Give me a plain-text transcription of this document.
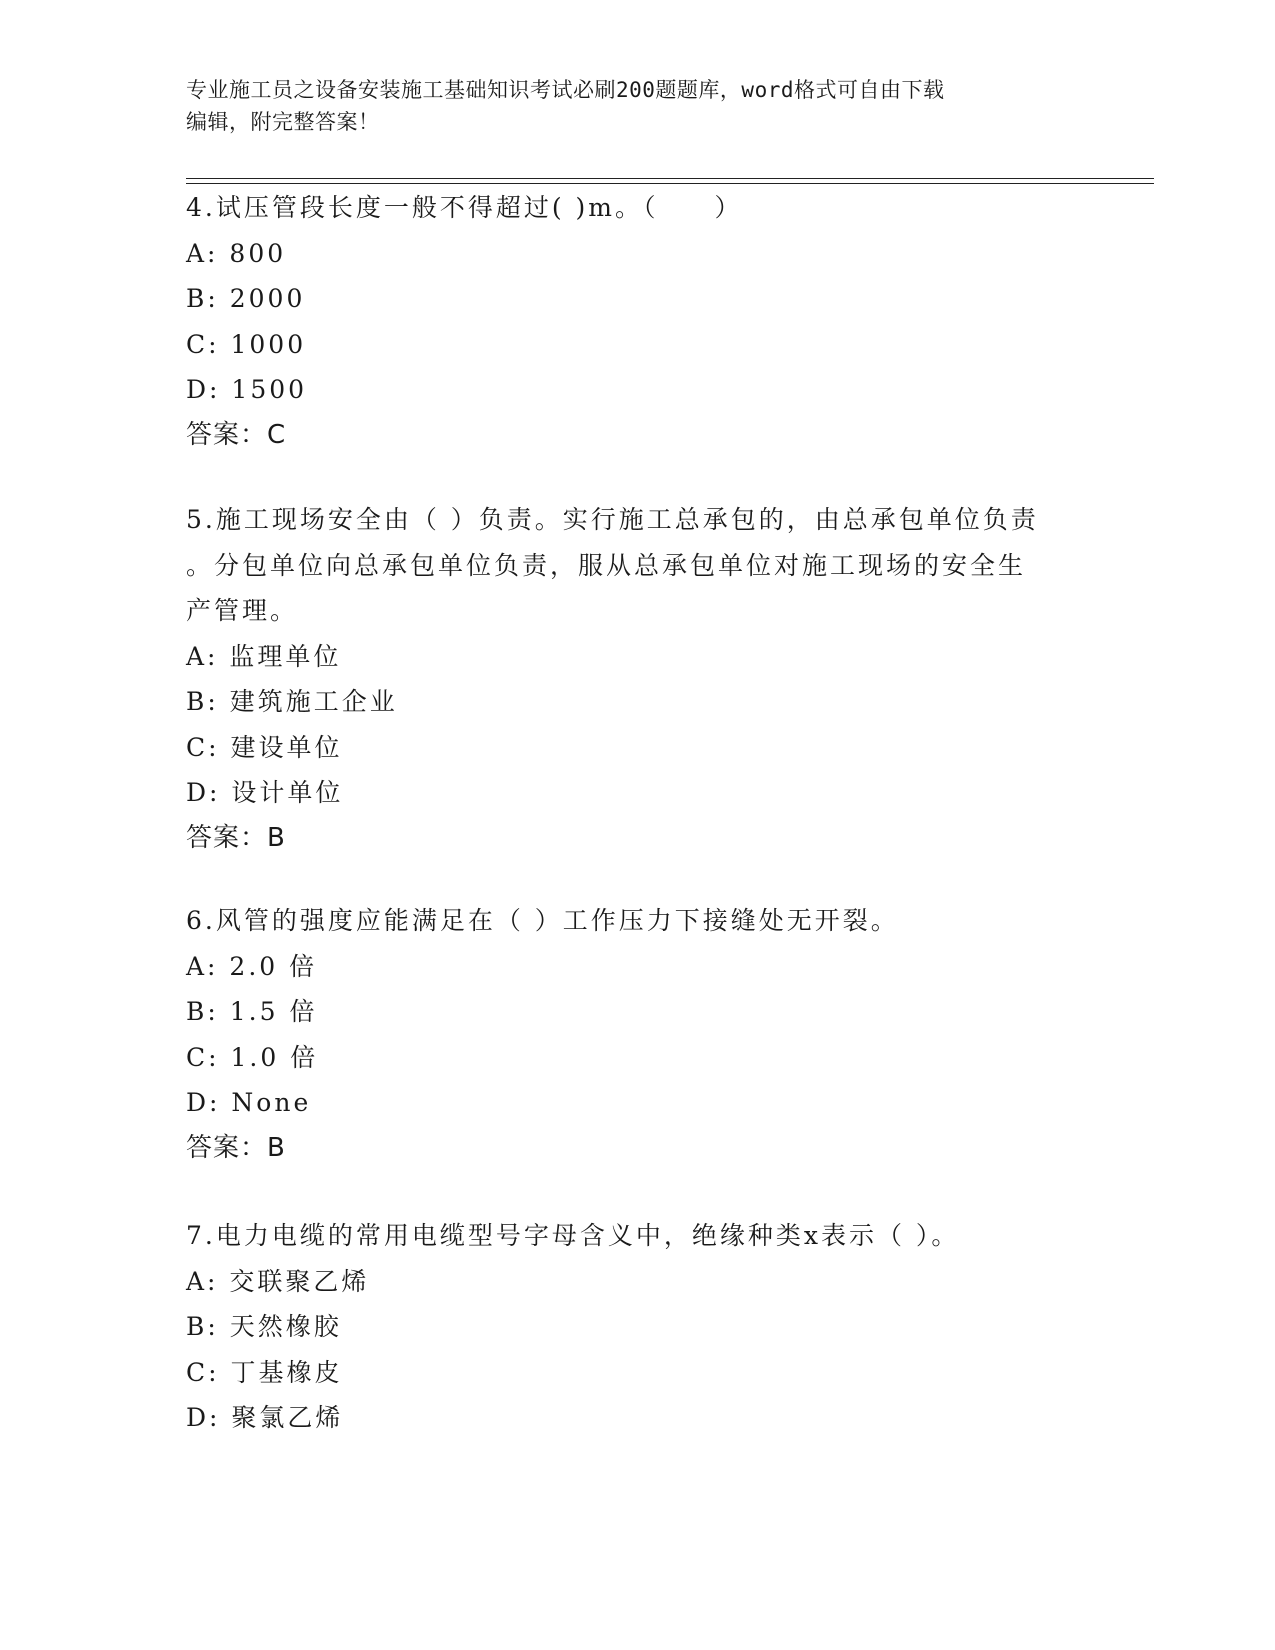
专业施工员之设备安装施工基础知识考试必刷200题题库，word格式可自由下载
编辑，附完整答案！
4.试压管段长度一般不得超过( )m。（　　）
A: 800
B: 2000
C: 1000
D: 1500
答案：C
5.施工现场安全由（ ）负责。实行施工总承包的，由总承包单位负责
。分包单位向总承包单位负责，服从总承包单位对施工现场的安全生
产管理。
A: 监理单位
B: 建筑施工企业
C: 建设单位
D: 设计单位
答案：B
6.风管的强度应能满足在（ ）工作压力下接缝处无开裂。
A: 2.0 倍
B: 1.5 倍
C: 1.0 倍
D: None
答案：B
7.电力电缆的常用电缆型号字母含义中，绝缘种类x表示（ ）。
A: 交联聚乙烯
B: 天然橡胶
C: 丁基橡皮
D: 聚氯乙烯
